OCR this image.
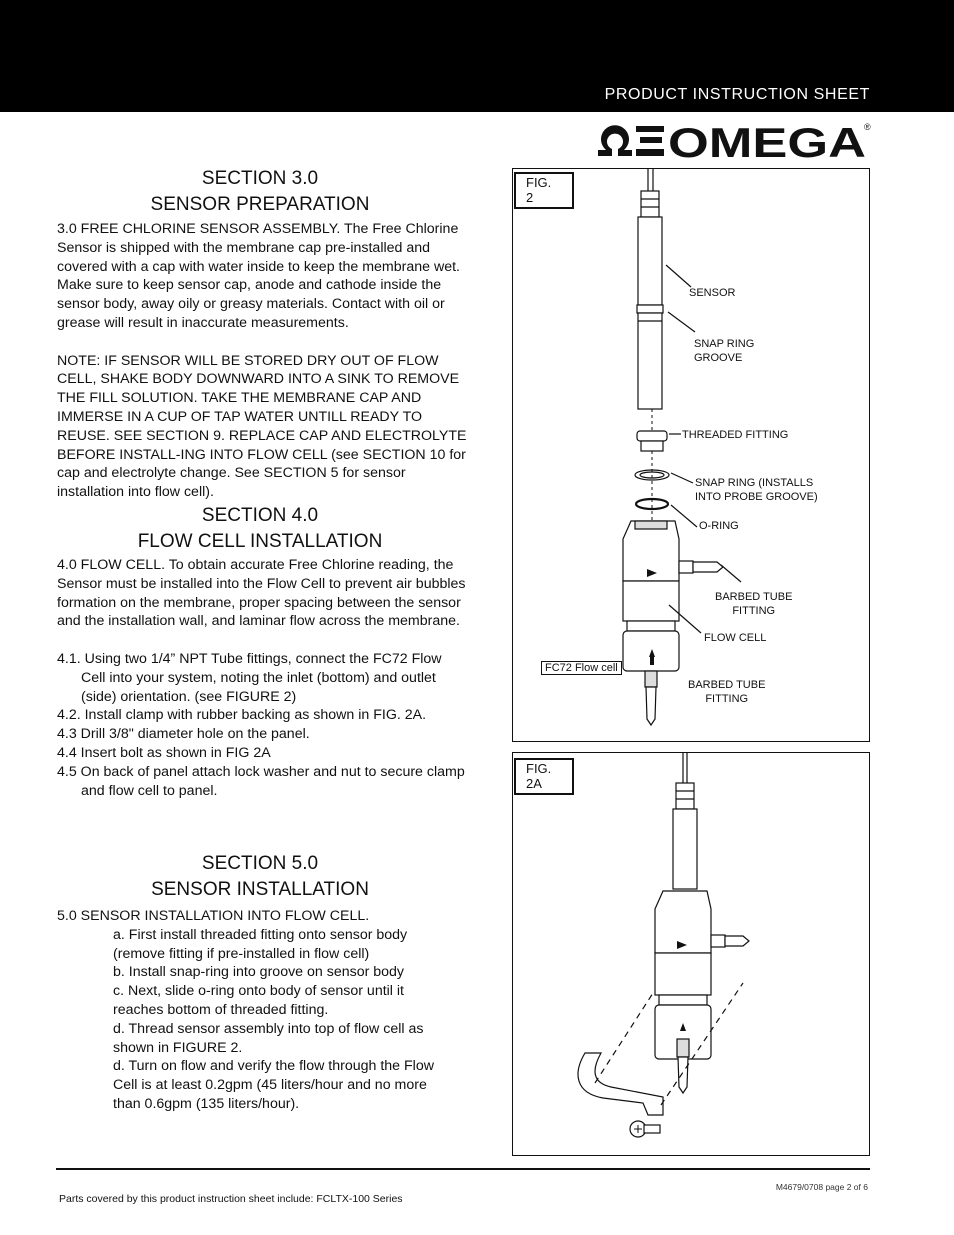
PRODUCT INSTRUCTION SHEET
OMEGA
®
SECTION 3.0
SENSOR PREPARATION

3.0 FREE CHLORINE SENSOR ASSEMBLY. The Free Chlorine Sensor is shipped with the membrane cap pre-installed and covered with a cap with water inside to keep the membrane wet. Make sure to keep sensor cap, anode and cathode inside the sensor body, away oily or greasy materials. Contact with oil or grease will result in inaccurate measurements.

NOTE: IF SENSOR WILL BE STORED DRY OUT OF FLOW CELL, SHAKE BODY DOWNWARD INTO A SINK TO REMOVE THE FILL SOLUTION. TAKE THE MEMBRANE CAP AND IMMERSE IN A CUP OF TAP WATER UNTILL READY TO REUSE. SEE SECTION 9. REPLACE CAP AND ELECTROLYTE BEFORE INSTALL-ING INTO FLOW CELL (see SECTION 10 for cap and electrolyte change. See SECTION 5 for sensor installation into flow cell).

SECTION 4.0
FLOW CELL INSTALLATION

4.0 FLOW CELL. To obtain accurate Free Chlorine reading, the Sensor must be installed into the Flow Cell to prevent air bubbles formation on the membrane, proper spacing between the sensor and the installation wall, and laminar flow across the membrane.

4.1. Using two 1/4” NPT Tube fittings, connect the FC72 Flow Cell into your system, noting the inlet (bottom) and outlet (side) orientation. (see FIGURE 2)

4.2. Install clamp with rubber backing as shown in FIG. 2A.

4.3 Drill 3/8" diameter hole on the panel.

4.4 Insert bolt as shown in FIG 2A

4.5 On back of panel attach lock washer and nut to secure clamp and flow cell to panel.

SECTION 5.0
SENSOR INSTALLATION

5.0 SENSOR INSTALLATION INTO FLOW CELL.

a. First install threaded fitting onto sensor body (remove fitting if pre-installed in flow cell)

b. Install snap-ring into groove on sensor body

c. Next, slide o-ring onto body of sensor until it reaches bottom of threaded fitting.

d. Thread sensor assembly into top of flow cell as shown in FIGURE 2.

d. Turn on flow and verify the flow through the Flow Cell is at least 0.2gpm (45 liters/hour and no more than 0.6gpm (135 liters/hour).

FIG. 2
SENSOR
SNAP RING
GROOVE
THREADED FITTING
SNAP RING (INSTALLS
INTO PROBE GROOVE)
O-RING
BARBED TUBE
FITTING
FLOW CELL
FC72 Flow cell
BARBED TUBE
FITTING
FIG. 2A
M4679/0708 page 2 of 6
Parts covered by this product instruction sheet include: FCLTX-100 Series
